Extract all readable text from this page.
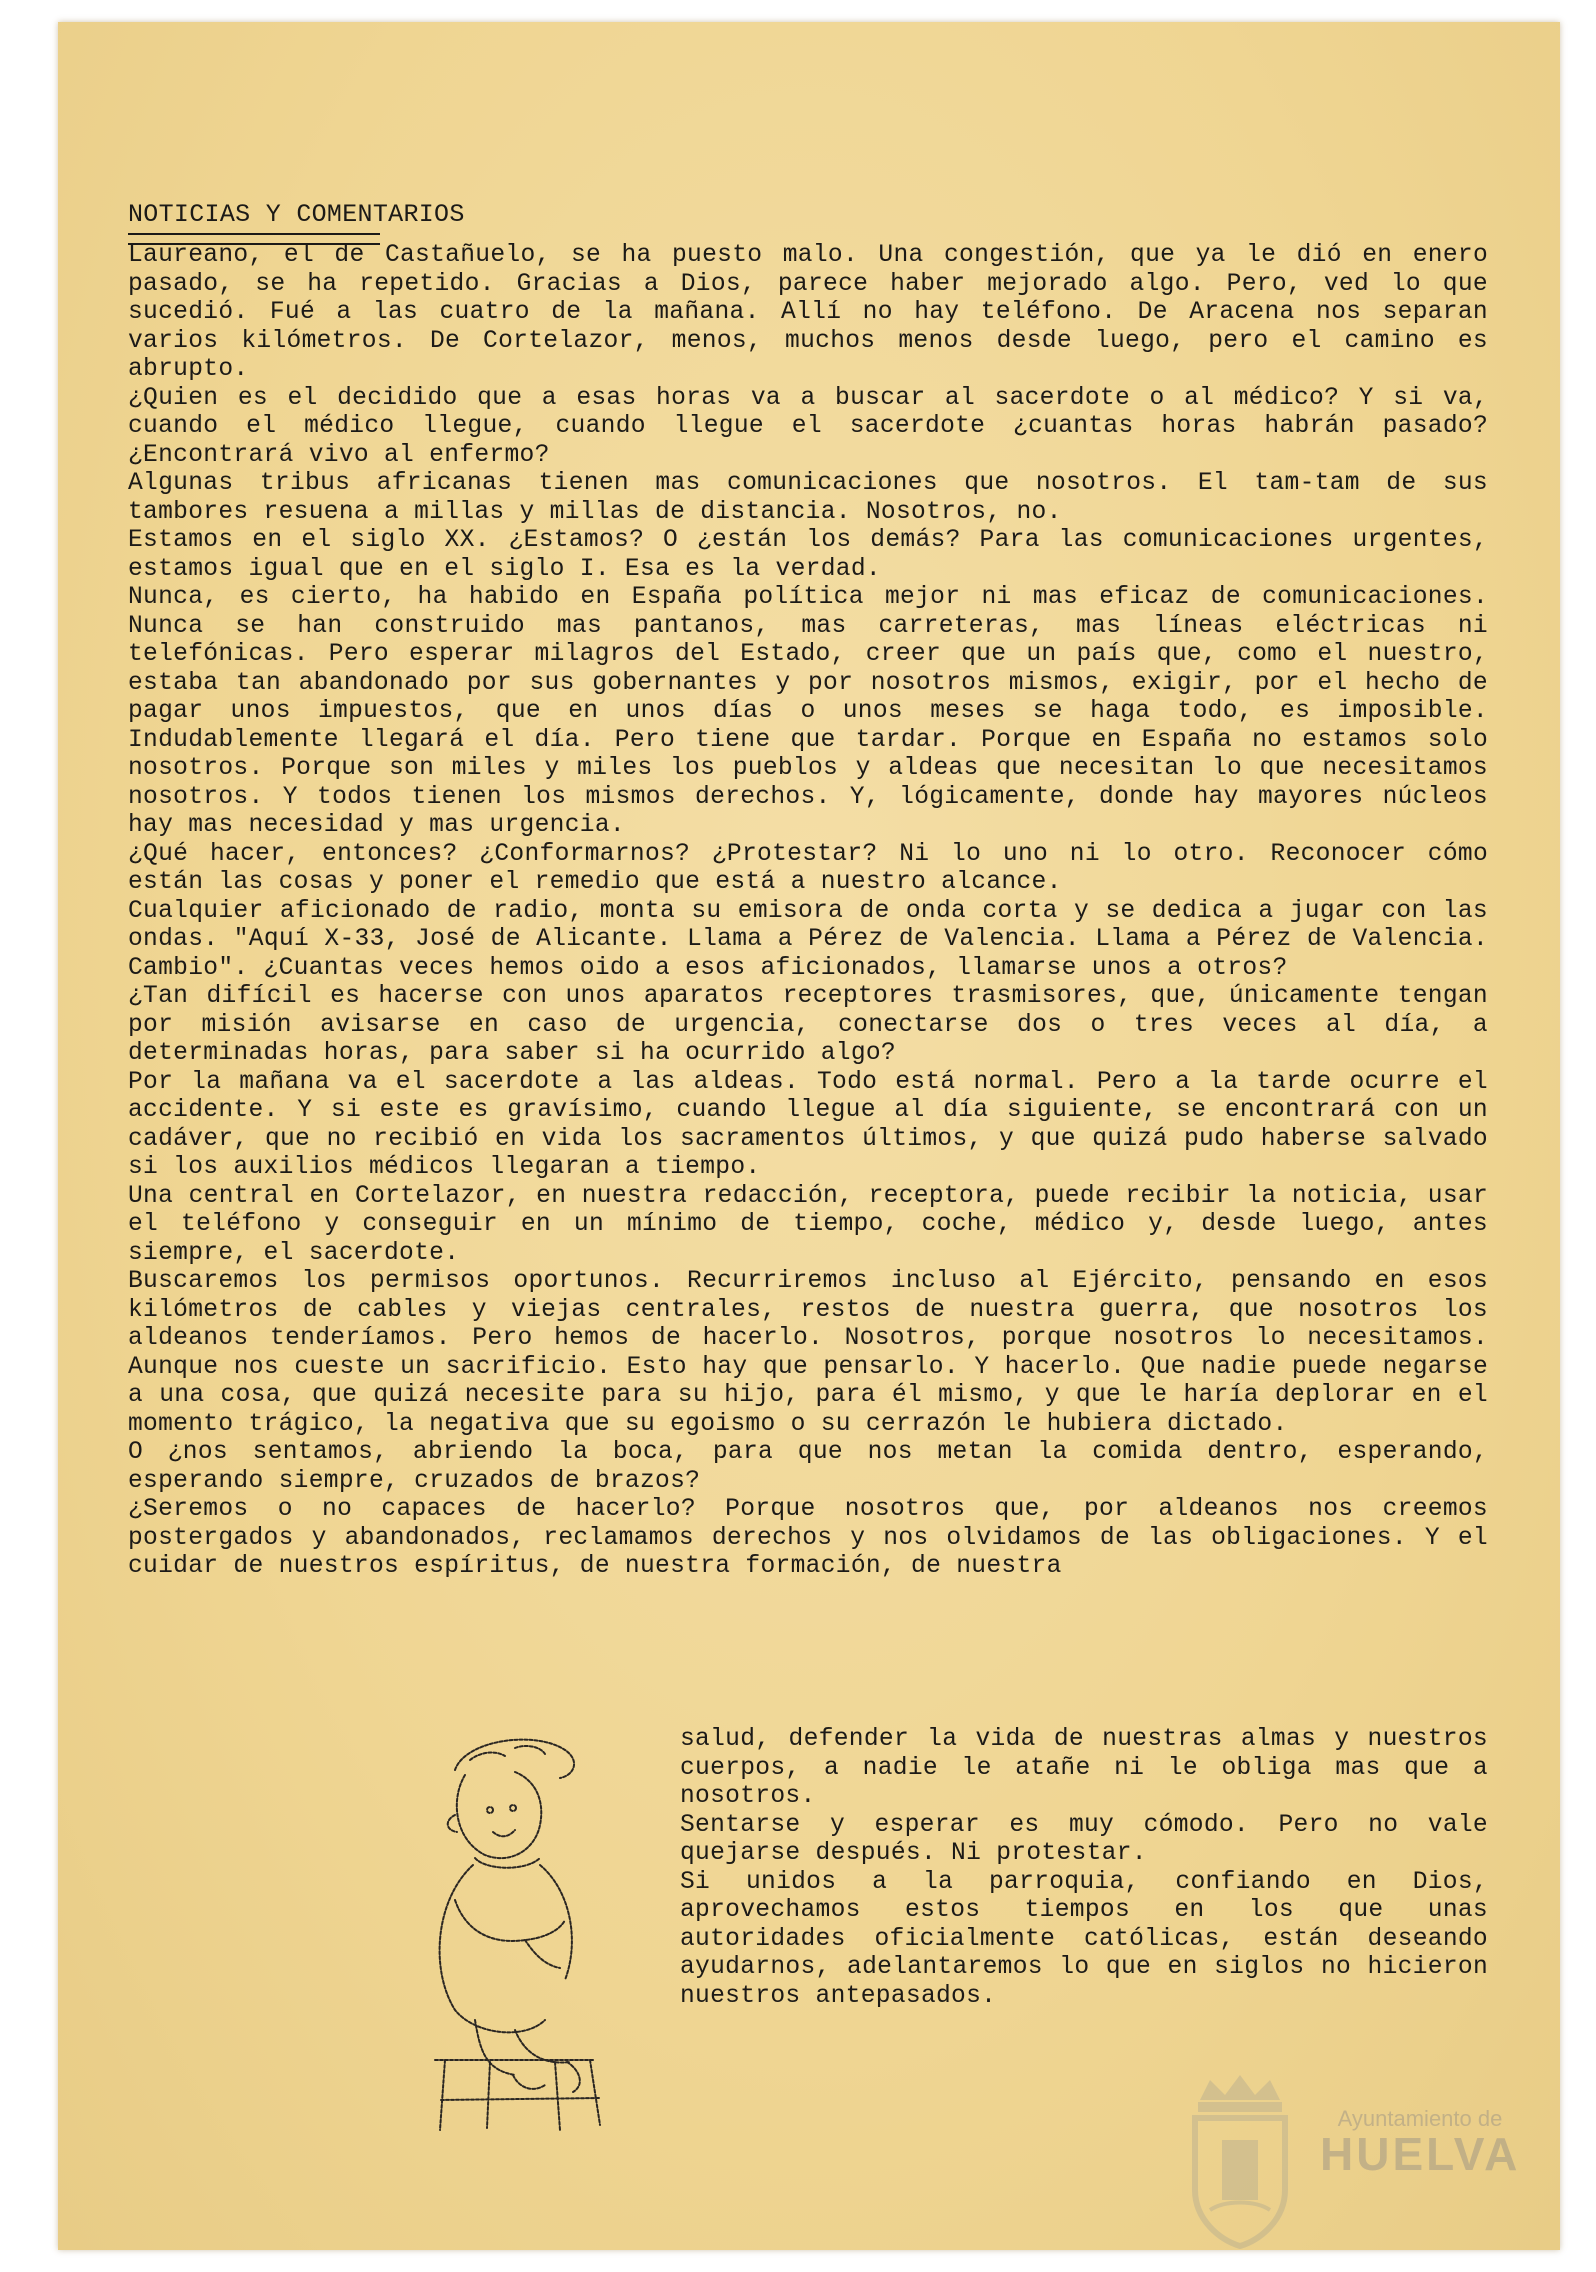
NOTICIAS Y COMENTARIOS

Laureano, el de Castañuelo, se ha puesto malo. Una congestión, que ya le dió en enero pasado, se ha repetido. Gracias a Dios, parece haber mejorado algo. Pero, ved lo que sucedió. Fué a las cuatro de la mañana. Allí no hay teléfono. De Aracena nos separan varios kilómetros. De Cortelazor, menos, muchos menos desde luego, pero el camino es abrupto.

¿Quien es el decidido que a esas horas va a buscar al sacerdote o al médico? Y si va, cuando el médico llegue, cuando llegue el sacerdote ¿cuantas horas habrán pasado? ¿Encontrará vivo al enfermo?

Algunas tribus africanas tienen mas comunicaciones que nosotros. El tam-tam de sus tambores resuena a millas y millas de distancia. Nosotros, no.

Estamos en el siglo XX. ¿Estamos? O ¿están los demás? Para las comunicaciones urgentes, estamos igual que en el siglo I. Esa es la verdad.

Nunca, es cierto, ha habido en España política mejor ni mas eficaz de comunicaciones. Nunca se han construido mas pantanos, mas carreteras, mas líneas eléctricas ni telefónicas. Pero esperar milagros del Estado, creer que un país que, como el nuestro, estaba tan abandonado por sus gobernantes y por nosotros mismos, exigir, por el hecho de pagar unos impuestos, que en unos días o unos meses se haga todo, es imposible. Indudablemente llegará el día. Pero tiene que tardar. Porque en España no estamos solo nosotros. Porque son miles y miles los pueblos y aldeas que necesitan lo que necesitamos nosotros. Y todos tienen los mismos derechos. Y, lógicamente, donde hay mayores núcleos hay mas necesidad y mas urgencia.

¿Qué hacer, entonces? ¿Conformarnos? ¿Protestar? Ni lo uno ni lo otro. Reconocer cómo están las cosas y poner el remedio que está a nuestro alcance.

Cualquier aficionado de radio, monta su emisora de onda corta y se dedica a jugar con las ondas. "Aquí X-33, José de Alicante. Llama a Pérez de Valencia. Llama a Pérez de Valencia. Cambio". ¿Cuantas veces hemos oido a esos aficionados, llamarse unos a otros?

¿Tan difícil es hacerse con unos aparatos receptores trasmisores, que, únicamente tengan por misión avisarse en caso de urgencia, conectarse dos o tres veces al día, a determinadas horas, para saber si ha ocurrido algo?

Por la mañana va el sacerdote a las aldeas. Todo está normal. Pero a la tarde ocurre el accidente. Y si este es gravísimo, cuando llegue al día siguiente, se encontrará con un cadáver, que no recibió en vida los sacramentos últimos, y que quizá pudo haberse salvado si los auxilios médicos llegaran a tiempo.

Una central en Cortelazor, en nuestra redacción, receptora, puede recibir la noticia, usar el teléfono y conseguir en un mínimo de tiempo, coche, médico y, desde luego, antes siempre, el sacerdote.

Buscaremos los permisos oportunos. Recurriremos incluso al Ejército, pensando en esos kilómetros de cables y viejas centrales, restos de nuestra guerra, que nosotros los aldeanos tenderíamos. Pero hemos de hacerlo. Nosotros, porque nosotros lo necesitamos. Aunque nos cueste un sacrificio. Esto hay que pensarlo. Y hacerlo. Que nadie puede negarse a una cosa, que quizá necesite para su hijo, para él mismo, y que le haría deplorar en el momento trágico, la negativa que su egoismo o su cerrazón le hubiera dictado.

O ¿nos sentamos, abriendo la boca, para que nos metan la comida dentro, esperando, esperando siempre, cruzados de brazos?

¿Seremos o no capaces de hacerlo? Porque nosotros que, por aldeanos nos creemos postergados y abandonados, reclamamos derechos y nos olvidamos de las obligaciones. Y el cuidar de nuestros espíritus, de nuestra formación, de nuestra

salud, defender la vida de nuestras almas y nuestros cuerpos, a nadie le atañe ni le obliga mas que a nosotros.

Sentarse y esperar es muy cómodo. Pero no vale quejarse después. Ni protestar.

Si unidos a la parroquia, confiando en Dios, aprovechamos estos tiempos en los que unas autoridades oficialmente católicas, están deseando ayudarnos, adelantaremos lo que en siglos no hicieron nuestros antepasados.

Ayuntamiento de
HUELVA
